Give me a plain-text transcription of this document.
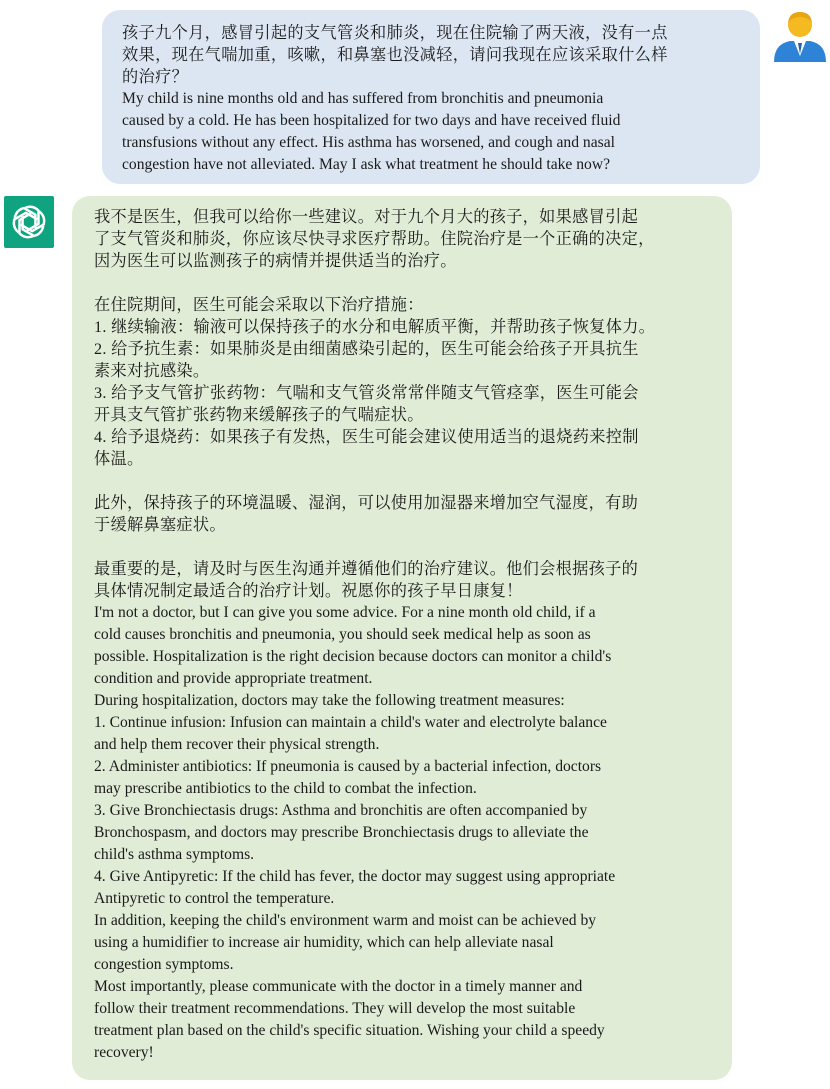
孩子九个月，感冒引起的支气管炎和肺炎，现在住院输了两天液，没有一点
效果，现在气喘加重，咳嗽，和鼻塞也没减轻，请问我现在应该采取什么样
的治疗？
My child is nine months old and has suffered from bronchitis and pneumonia
caused by a cold. He has been hospitalized for two days and have received fluid
transfusions without any effect. His asthma has worsened, and cough and nasal
congestion have not alleviated. May I ask what treatment he should take now?
我不是医生，但我可以给你一些建议。对于九个月大的孩子，如果感冒引起
了支气管炎和肺炎，你应该尽快寻求医疗帮助。住院治疗是一个正确的决定，
因为医生可以监测孩子的病情并提供适当的治疗。
在住院期间，医生可能会采取以下治疗措施：
1. 继续输液：输液可以保持孩子的水分和电解质平衡，并帮助孩子恢复体力。
2. 给予抗生素：如果肺炎是由细菌感染引起的，医生可能会给孩子开具抗生
素来对抗感染。
3. 给予支气管扩张药物：气喘和支气管炎常常伴随支气管痉挛，医生可能会
开具支气管扩张药物来缓解孩子的气喘症状。
4. 给予退烧药：如果孩子有发热，医生可能会建议使用适当的退烧药来控制
体温。
此外，保持孩子的环境温暖、湿润，可以使用加湿器来增加空气湿度，有助
于缓解鼻塞症状。
最重要的是，请及时与医生沟通并遵循他们的治疗建议。他们会根据孩子的
具体情况制定最适合的治疗计划。祝愿你的孩子早日康复！
I'm not a doctor, but I can give you some advice. For a nine month old child, if a
cold causes bronchitis and pneumonia, you should seek medical help as soon as
possible. Hospitalization is the right decision because doctors can monitor a child's
condition and provide appropriate treatment.
During hospitalization, doctors may take the following treatment measures:
1. Continue infusion: Infusion can maintain a child's water and electrolyte balance
and help them recover their physical strength.
2. Administer antibiotics: If pneumonia is caused by a bacterial infection, doctors
may prescribe antibiotics to the child to combat the infection.
3. Give Bronchiectasis drugs: Asthma and bronchitis are often accompanied by
Bronchospasm, and doctors may prescribe Bronchiectasis drugs to alleviate the
child's asthma symptoms.
4. Give Antipyretic: If the child has fever, the doctor may suggest using appropriate
Antipyretic to control the temperature.
In addition, keeping the child's environment warm and moist can be achieved by
using a humidifier to increase air humidity, which can help alleviate nasal
congestion symptoms.
Most importantly, please communicate with the doctor in a timely manner and
follow their treatment recommendations. They will develop the most suitable
treatment plan based on the child's specific situation. Wishing your child a speedy
recovery!
